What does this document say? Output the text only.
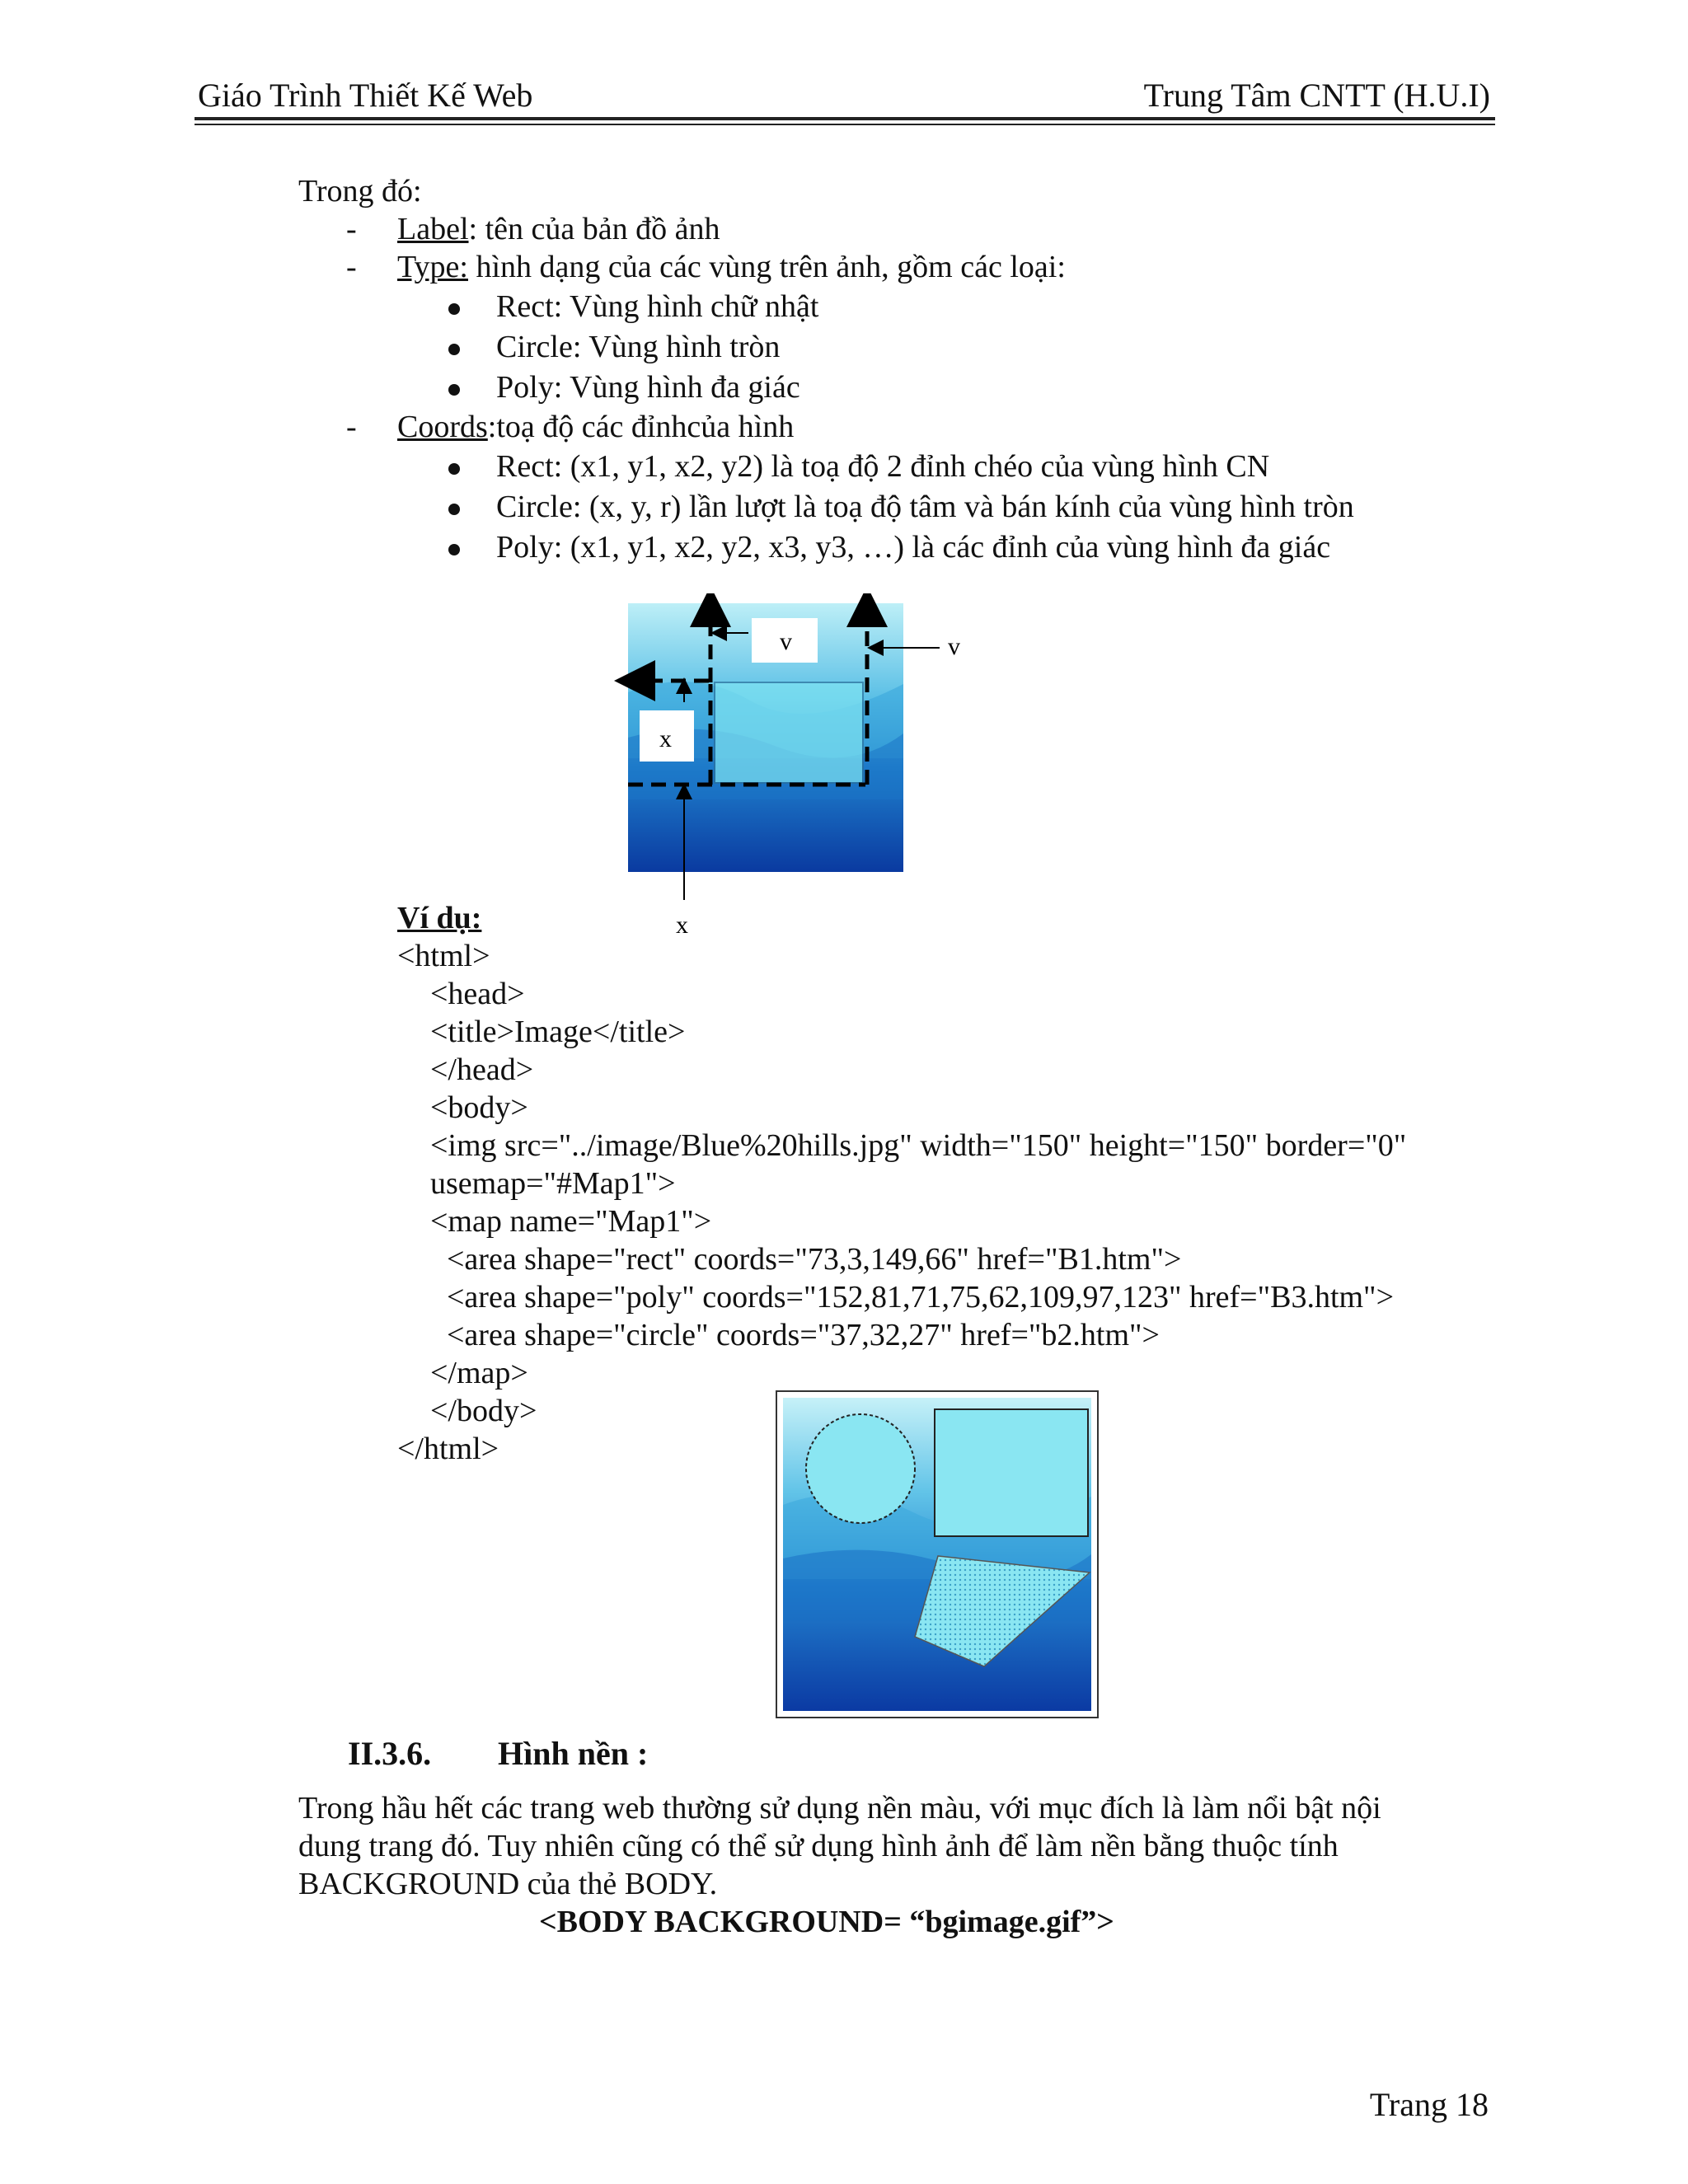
Giáo Trình Thiết Kế Web	Trung Tâm CNTT (H.U.I)
Trong đó:
- Label: tên của bản đồ ảnh
- Type: hình dạng của các vùng trên ảnh, gồm các loại:
Rect: Vùng hình chữ nhật
Circle: Vùng hình tròn
Poly: Vùng hình đa giác
- Coords:toạ độ các đỉnhcủa hình
Rect: (x1, y1, x2, y2) là toạ độ 2 đỉnh chéo của vùng hình CN
Circle: (x, y, r) lần lượt là toạ độ tâm và bán kính của vùng hình tròn
Poly: (x1, y1, x2, y2, x3, y3, …) là các đỉnh của vùng hình đa giác
v	v
x
x
Ví dụ:
<html>
<head>
<title>Image</title>
</head>
<body>
<img src="../image/Blue%20hills.jpg" width="150" height="150" border="0"
usemap="#Map1">
<map name="Map1">
<area shape="rect" coords="73,3,149,66" href="B1.htm">
<area shape="poly" coords="152,81,71,75,62,109,97,123" href="B3.htm">
<area shape="circle" coords="37,32,27" href="b2.htm">
</map>
</body>
</html>
II.3.6. Hình nền :
Trong hầu hết các trang web thường sử dụng nền màu, với mục đích là làm nổi bật nội
dung trang đó. Tuy nhiên cũng có thể sử dụng hình ảnh để làm nền bằng thuộc tính
BACKGROUND của thẻ BODY.
<BODY BACKGROUND= “bgimage.gif”>
Trang 18
